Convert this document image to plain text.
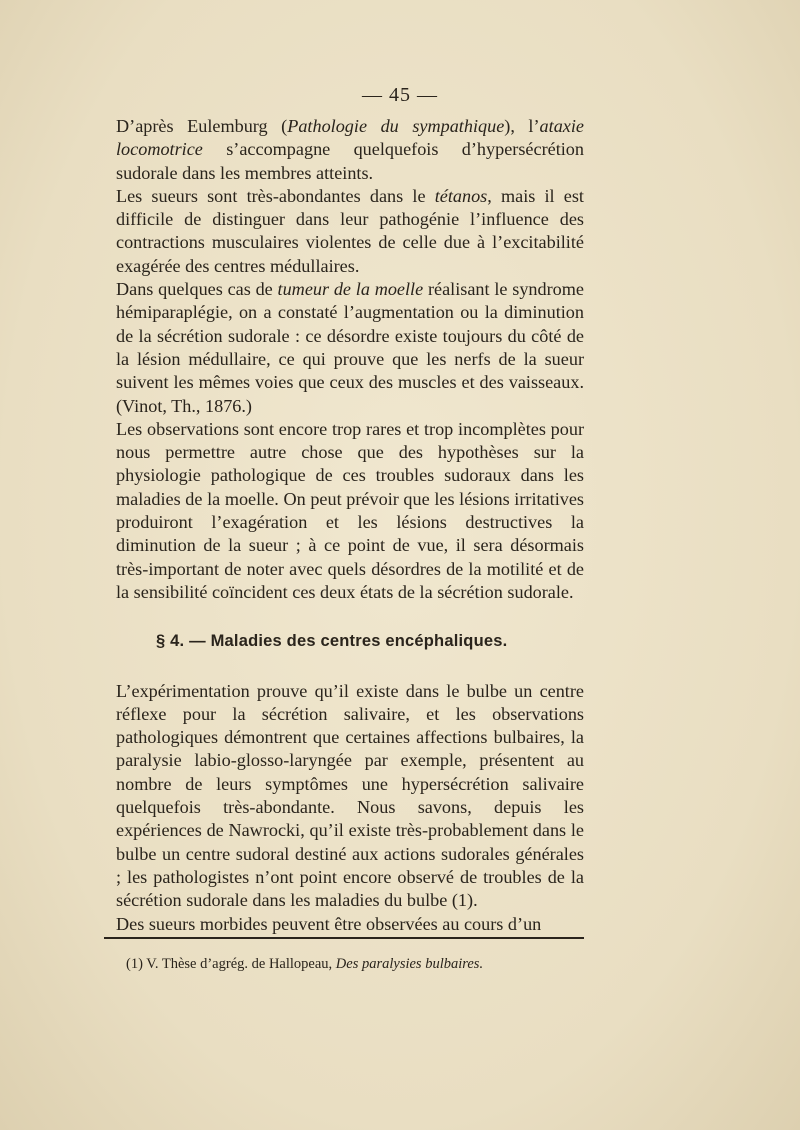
— 45 —

D’après Eulemburg (Pathologie du sympathique), l’ataxie locomotrice s’accompagne quelquefois d’hypersécrétion sudorale dans les membres atteints.

Les sueurs sont très-abondantes dans le tétanos, mais il est difficile de distinguer dans leur pathogénie l’influence des contractions musculaires violentes de celle due à l’excitabilité exagérée des centres médullaires.

Dans quelques cas de tumeur de la moelle réalisant le syndrome hémiparaplégie, on a constaté l’augmentation ou la diminution de la sécrétion sudorale : ce désordre existe toujours du côté de la lésion médullaire, ce qui prouve que les nerfs de la sueur suivent les mêmes voies que ceux des muscles et des vaisseaux. (Vinot, Th., 1876.)

Les observations sont encore trop rares et trop incomplètes pour nous permettre autre chose que des hypothèses sur la physiologie pathologique de ces troubles sudoraux dans les maladies de la moelle. On peut prévoir que les lésions irritatives produiront l’exagération et les lésions destructives la diminution de la sueur ; à ce point de vue, il sera désormais très-important de noter avec quels désordres de la motilité et de la sensibilité coïncident ces deux états de la sécrétion sudorale.

§ 4. — Maladies des centres encéphaliques.

L’expérimentation prouve qu’il existe dans le bulbe un centre réflexe pour la sécrétion salivaire, et les observations pathologiques démontrent que certaines affections bulbaires, la paralysie labio-glosso-laryngée par exemple, présentent au nombre de leurs symptômes une hypersécrétion salivaire quelquefois très-abondante. Nous savons, depuis les expériences de Nawrocki, qu’il existe très-probablement dans le bulbe un centre sudoral destiné aux actions sudorales générales ; les pathologistes n’ont point encore observé de troubles de la sécrétion sudorale dans les maladies du bulbe (1).

Des sueurs morbides peuvent être observées au cours d’un

(1) V. Thèse d’agrég. de Hallopeau, Des paralysies bulbaires.
